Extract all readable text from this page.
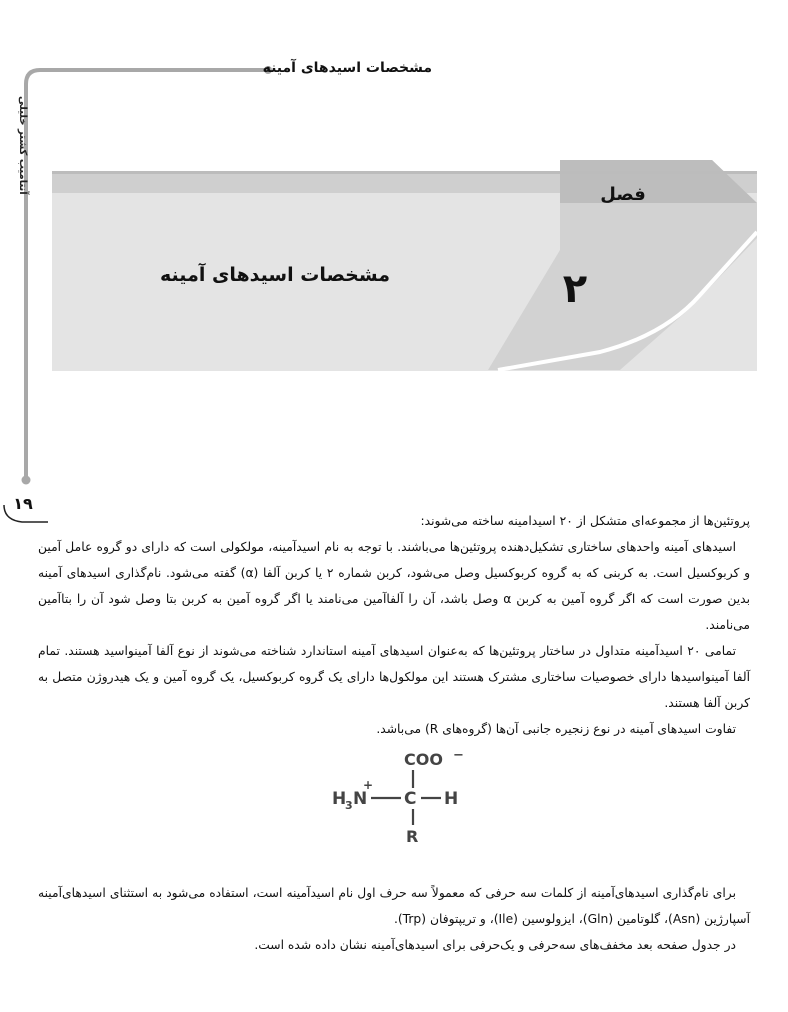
مشخصات اسیدهای آمینه
آنتامیب کشتر خلیلی
۱۹
فصل
۲
مشخصات اسیدهای آمینه

پروتئین‌ها از مجموعه‌ای متشکل از ۲۰ اسیدامینه ساخته می‌شوند:

اسیدهای آمینه واحدهای ساختاری تشکیل‌دهنده پروتئین‌ها می‌باشند. با توجه به نام اسیدآمینه، مولکولی است که دارای دو گروه عامل آمین و کربوکسیل است. به کربنی که به گروه کربوکسیل وصل می‌شود، کربن شماره ۲ یا کربن آلفا (α) گفته می‌شود. نام‌گذاری اسیدهای آمینه بدین صورت است که اگر گروه آمین به کربن α وصل باشد، آن را آلفاآمین می‌نامند یا اگر گروه آمین به کربن بتا وصل شود آن را بتاآمین می‌نامند.

تمامی ۲۰ اسیدآمینه متداول در ساختار پروتئین‌ها که به‌عنوان اسیدهای آمینه استاندارد شناخته می‌شوند از نوع آلفا آمینواسید هستند. تمام آلفا آمینواسیدها دارای خصوصیات ساختاری مشترک هستند این مولکول‌ها دارای یک گروه کربوکسیل، یک گروه آمین و یک هیدروژن متصل به کربن آلفا هستند.

تفاوت اسیدهای آمینه در نوع زنجیره جانبی آن‌ها (گروه‌های R) می‌باشد.

برای نام‌گذاری اسیدهای‌آمینه از کلمات سه حرفی که معمولاً سه حرف اول نام اسیدآمینه است، استفاده می‌شود به استثنای اسیدهای‌آمینه آسپارژین (Asn)، گلوتامین (Gln)، ایزولوسین (Ile)، و تریپتوفان (Trp).

در جدول صفحه بعد مخفف‌های سه‌حرفی و یک‌حرفی برای اسیدهای‌آمینه نشان داده شده است.

COO −
H
3 N
+
C H
R
